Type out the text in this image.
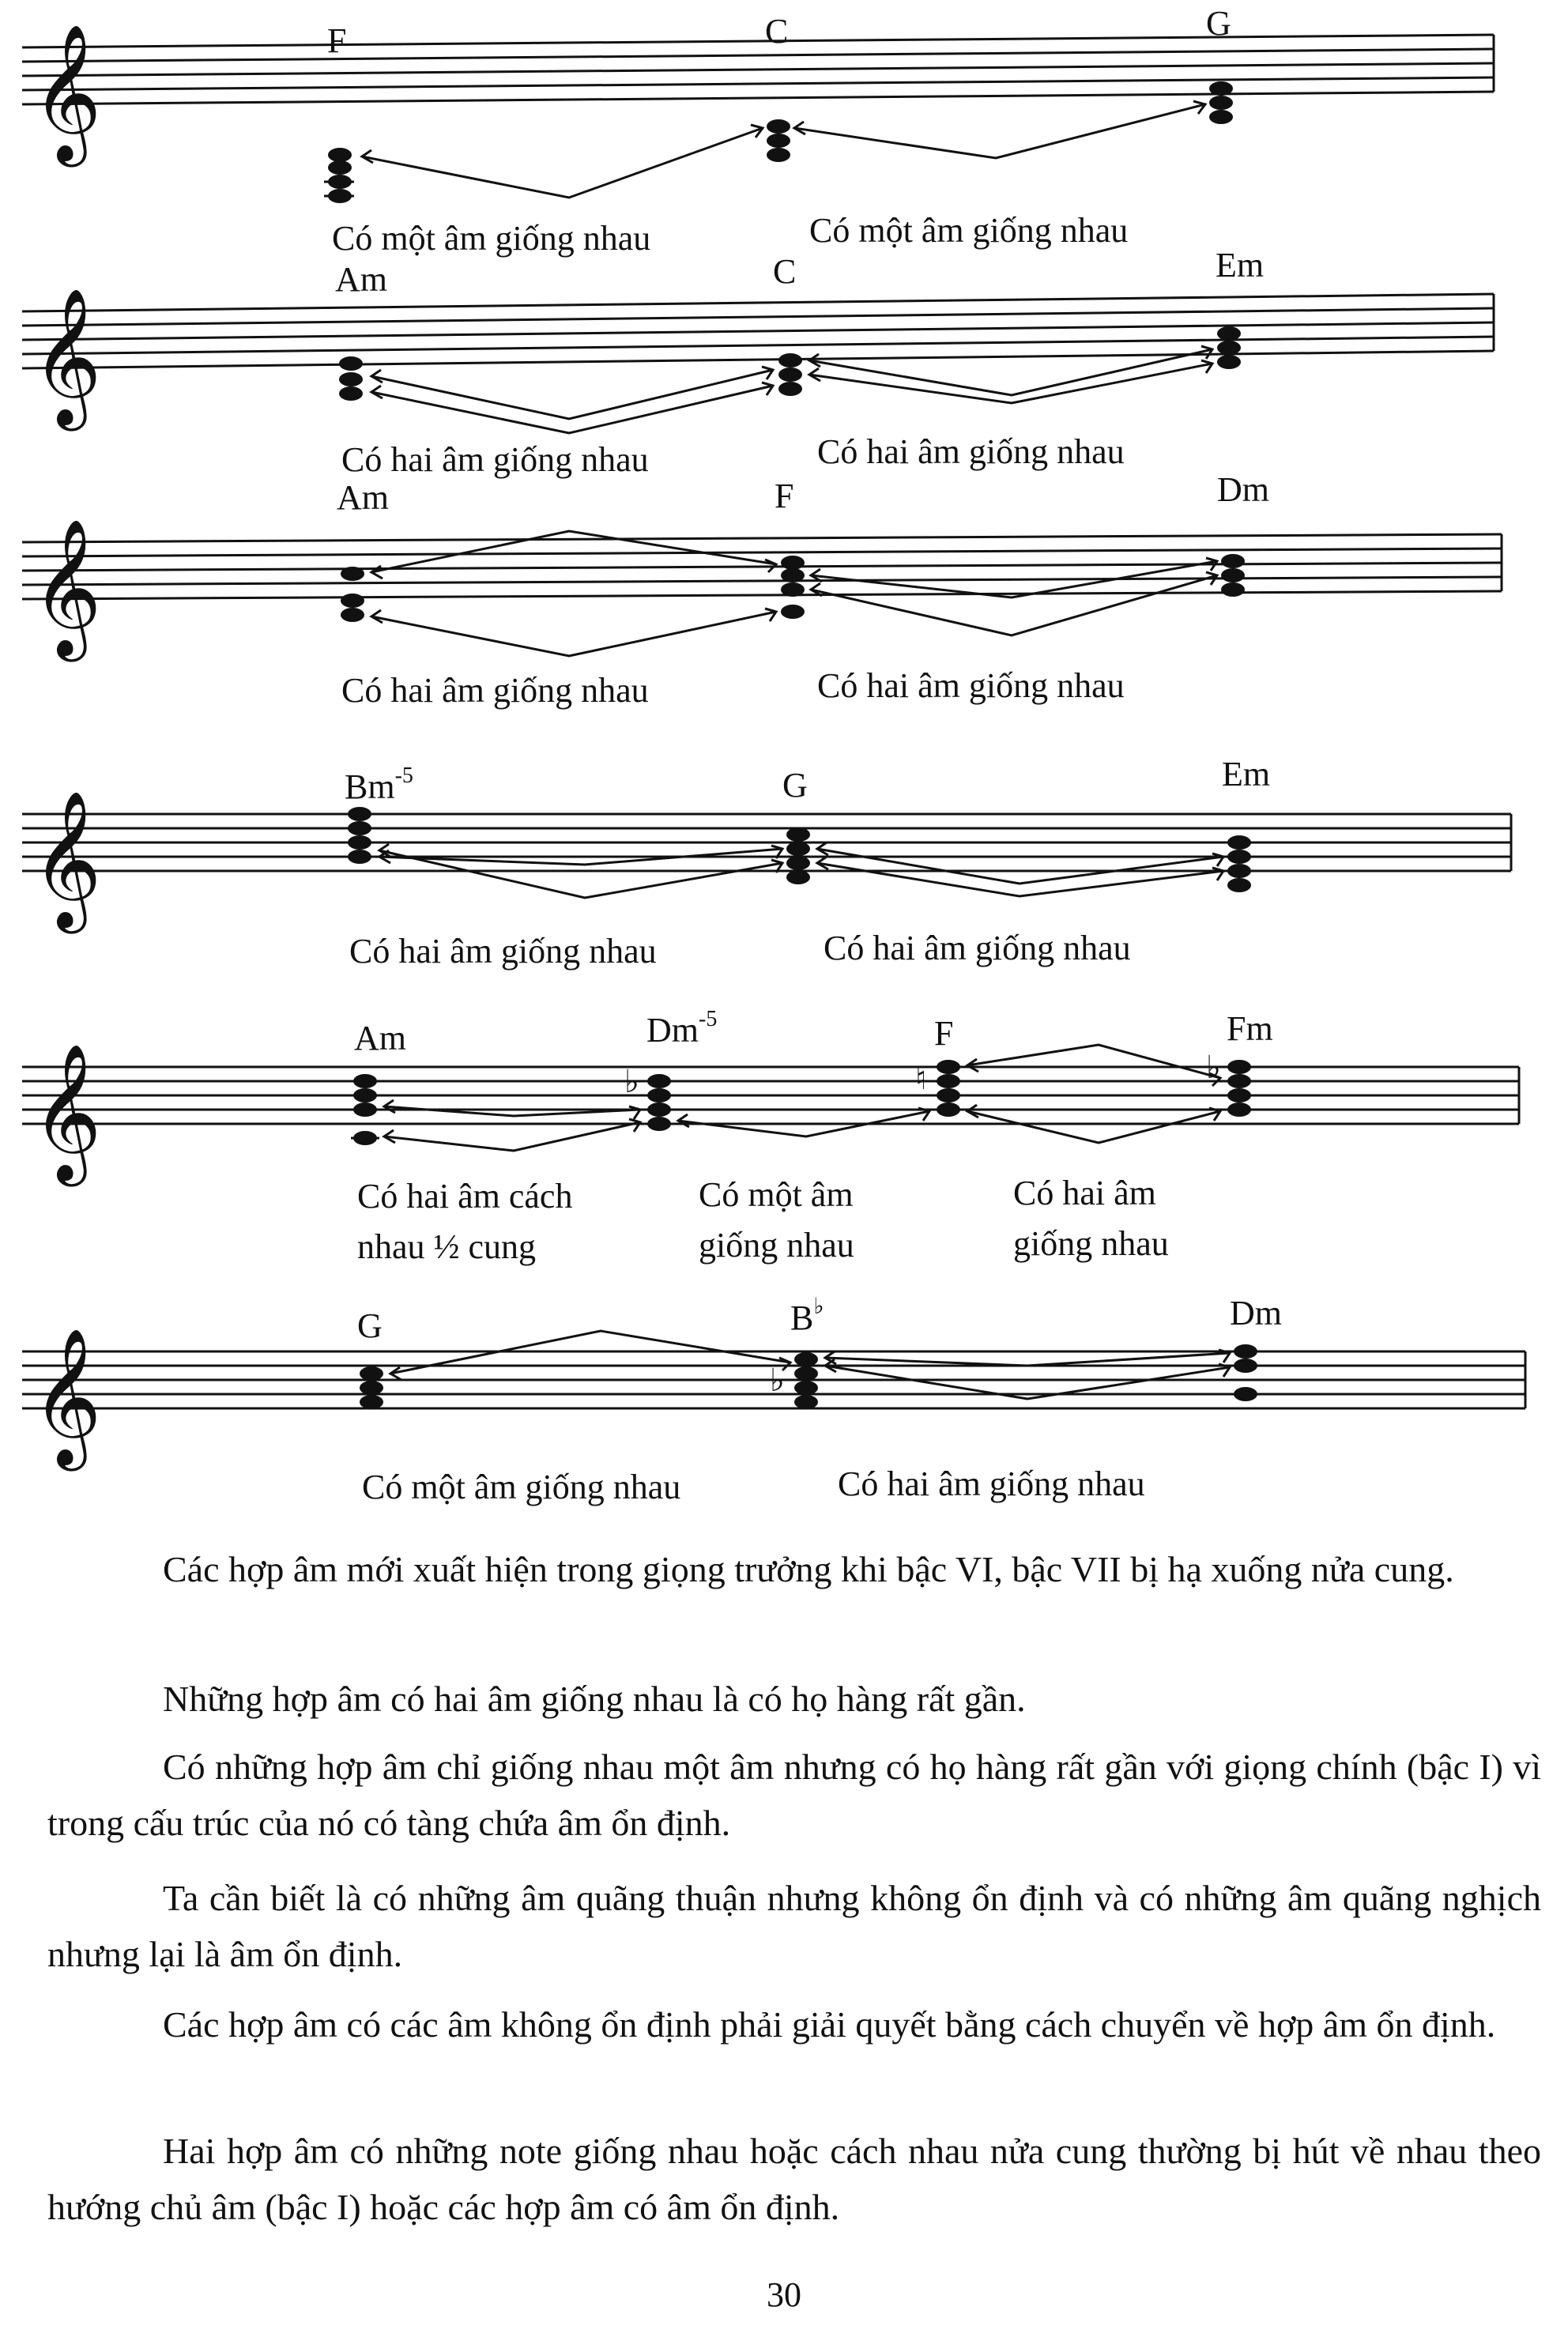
𝄞	F	C	G
Có một âm giống nhau	Có một âm giống nhau
𝄞
Am	C	Em
Có hai âm giống nhau	Có hai âm giống nhau
𝄞
Am	F	Dm
Có hai âm giống nhau	Có hai âm giống nhau
𝄞
$Bm^{-5}$	G	Em
Có hai âm giống nhau	Có hai âm giống nhau
𝄞	♭	♮	♭
Am	$Dm^{-5}$	F	Fm
Có hai âm cách
nhau ½ cung
Có một âm
giống nhau
Có hai âm
giống nhau
𝄞	♭
G	B♭	Dm
Có một âm giống nhau	Có hai âm giống nhau

Các hợp âm mới xuất hiện trong giọng trưởng khi bậc VI, bậc VII bị hạ xuống nửa cung.

Những hợp âm có hai âm giống nhau là có họ hàng rất gần.

Có những hợp âm chỉ giống nhau một âm nhưng có họ hàng rất gần với giọng chính (bậc I) vì trong cấu trúc của nó có tàng chứa âm ổn định.

Ta cần biết là có những âm quãng thuận nhưng không ổn định và có những âm quãng nghịch nhưng lại là âm ổn định.

Các hợp âm có các âm không ổn định phải giải quyết bằng cách chuyển về hợp âm ổn định.

Hai hợp âm có những note giống nhau hoặc cách nhau nửa cung thường bị hút về nhau theo hướng chủ âm (bậc I) hoặc các hợp âm có âm ổn định.

30
